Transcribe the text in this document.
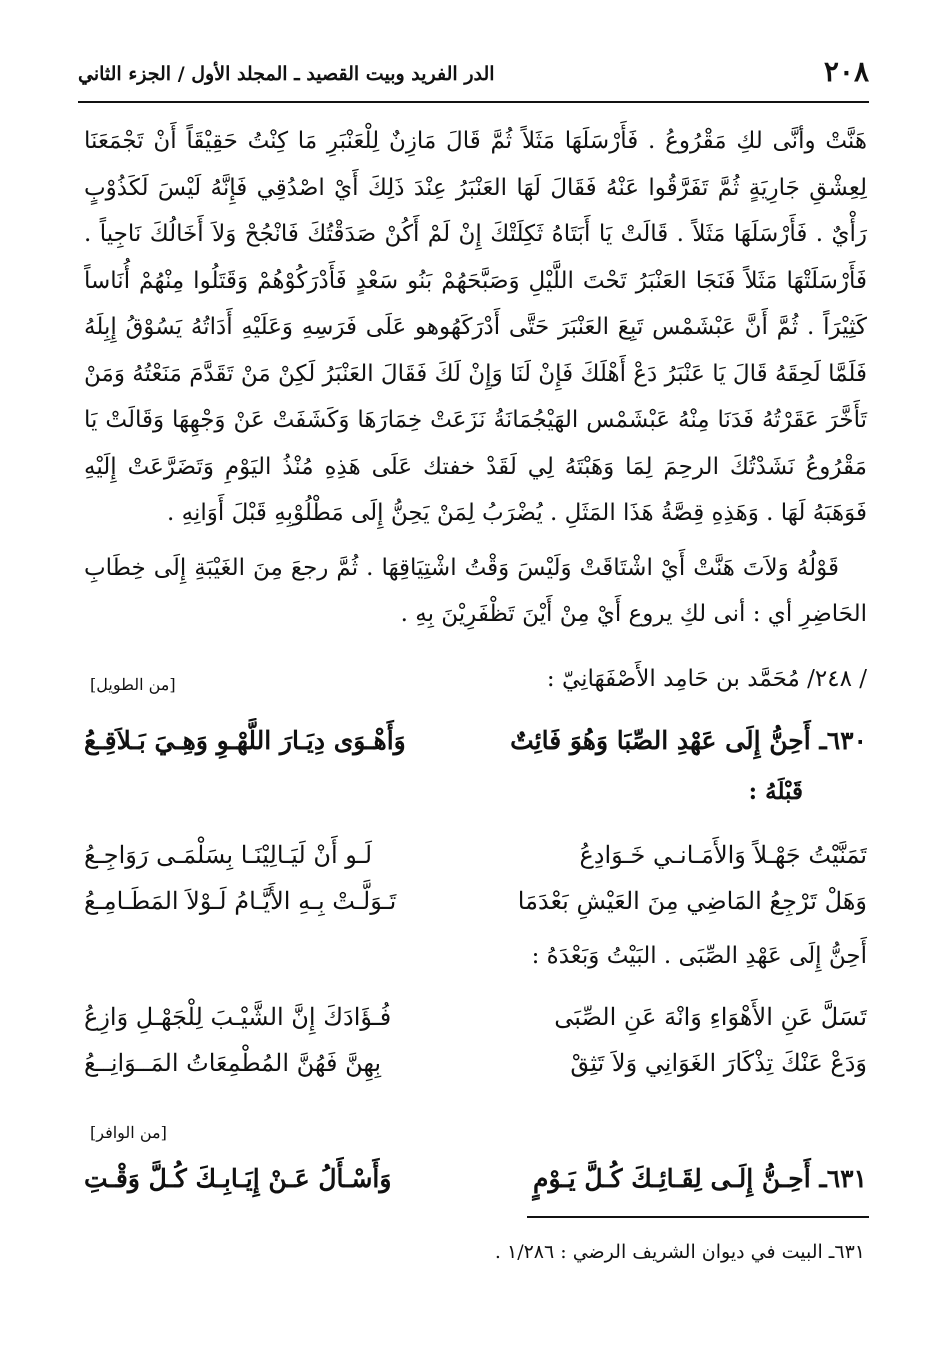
٢٠٨
الدر الفريد وبيت القصيد ـ المجلد الأول / الجزء الثاني

هَنَّتْ وأنَّى لكِ مَقْرُوعُ . فَأَرْسَلَهَا مَثَلاً ثُمَّ قَالَ مَازِنٌ لِلْعَنْبَرِ مَا كِنْتُ حَقِيْقَاً أَنْ تَجْمَعَنَا لِعِشْقِ جَارِيَةٍ ثُمَّ تَفَرَّقُوا عَنْهُ فَقَالَ لَهَا العَنْبَرُ عِنْدَ ذَلِكَ أَيْ اصْدُقِي فَإِنَّهُ لَيْسَ لَكَذُوْبٍ رَأْيٌ . فَأَرْسَلَهَا مَثَلاً . قَالَتْ يَا أَبَتَاهُ ثَكِلَتْكَ إِنْ لَمْ أَكُنْ صَدَقْتُكَ فَانْجُحْ وَلاَ أَخَالُكَ نَاجِياً . فَأَرْسَلَتْهَا مَثَلاً فَنَجَا العَنْبَرُ تَحْتَ اللَّيْلِ وَصَبَّحَهُمْ بَنُو سَعْدٍ فَأَدْرَكُوْهُمْ وَقَتَلُوا مِنْهُمْ أُنَاساً كَثِيْرَاً . ثُمَّ أَنَّ عَبْشَمْس تَبِعَ العَنْبَرَ حَتَّى أَدْرَكَهُوهو عَلَى فَرَسِهِ وَعَلَيْهِ أَدَاتُهُ يَسُوْقُ إِبِلَهُ فَلَمَّا لَحِقَهُ قَالَ يَا عَنْبَرُ دَعْ أَهْلَكَ فَإِنْ لَنَا وَإِنْ لَكَ فَقَالَ العَنْبَرُ لَكِنْ مَنْ تَقَدَّمَ مَنَعْتُهُ وَمَنْ تَأَخَّرَ عَقَرْتُهُ فَدَنَا مِنْهُ عَبْشَمْس الهَيْجُمَانَةُ نَزَعَتْ خِمَارَهَا وَكَشَفَتْ عَنْ وَجْهِهَا وَقَالَتْ يَا مَقْرُوعُ نَشَدْتُكَ الرحِمَ لِمَا وَهَبْتَهُ لِي لَقَدْ خفتك عَلَى هَذِهِ مُنْذُ اليَوْمِ وَتَضَرَّعَتْ إِلَيْهِ فَوَهَبَهُ لَهَا . وَهَذِهِ قِصَّةُ هَذَا المَثَلِ . يُضْرَبُ لِمَنْ يَحِنُّ إِلَى مَطْلُوْبِهِ قَبْلَ أَوَانِهِ .

قَوْلُهُ وَلاَتَ هَنَّتْ أَيْ اشْتَاقَتْ وَلَيْسَ وَقْتُ اشْتِيَاقِهَا . ثُمَّ رجعَ مِنَ الغَيْبَةِ إِلَى خِطَابِ الحَاضِرِ أي : أنى لكِ يروع أَيْ مِنْ أَيْنَ تَظْفَرِيْنَ بِهِ .

/ ٢٤٨/ مُحَمَّد بن حَامِد الأَصْفَهَانِيّ :
[من الطويل]
٦٣٠ـ أَحِنُّ إِلَى عَهْدِ الصِّبَا وَهُوَ فَائِتٌ
وَأَهْـوَى دِيَـارَ اللَّهْـوِ وَهِـيَ بَـلاَقِـعُ
قَبْلَهُ :
تَمَنَّيْتُ جَهْـلاً وَالأَمَـانـي خَـوَادِعُ
لَـو أَنْ لَيَـالِيْنَـا بِسَلْمَـى رَوَاجِـعُ
وَهَلْ تَرْجِعُ المَاضِي مِنَ العَيْشِ بَعْدَمَا
تَـوَلَّـتْ بِـهِ الأَيَّـامُ لَـوْلاَ المَطَـامِـعُ
أَحِنُّ إِلَى عَهْدِ الصِّبَى . البَيْتُ وَبَعْدَهُ :
تَسَلَّ عَنِ الأَهْوَاءِ وَانْهَ عَنِ الصِّبَى
فُـؤَادَكَ إِنَّ الشَّيْـبَ لِلْجَهْـلِ وَازِعُ
وَدَعْ عَنْكَ تِذْكَارَ الغَوَانِي وَلاَ تَثِقْ
بِهِنَّ فَهُنَّ المُطْمِعَاتُ المَــوَانِــعُ
[من الوافر]
٦٣١ـ أَحِـنُّ إِلَـى لِقَـائِـكَ كُـلَّ يَـوْمٍ
وَأَسْـأَلُ عَـنْ إِيَـابِـكَ كُـلَّ وَقْـتِ
٦٣١ـ البيت في ديوان الشريف الرضي : ١/٢٨٦ .
